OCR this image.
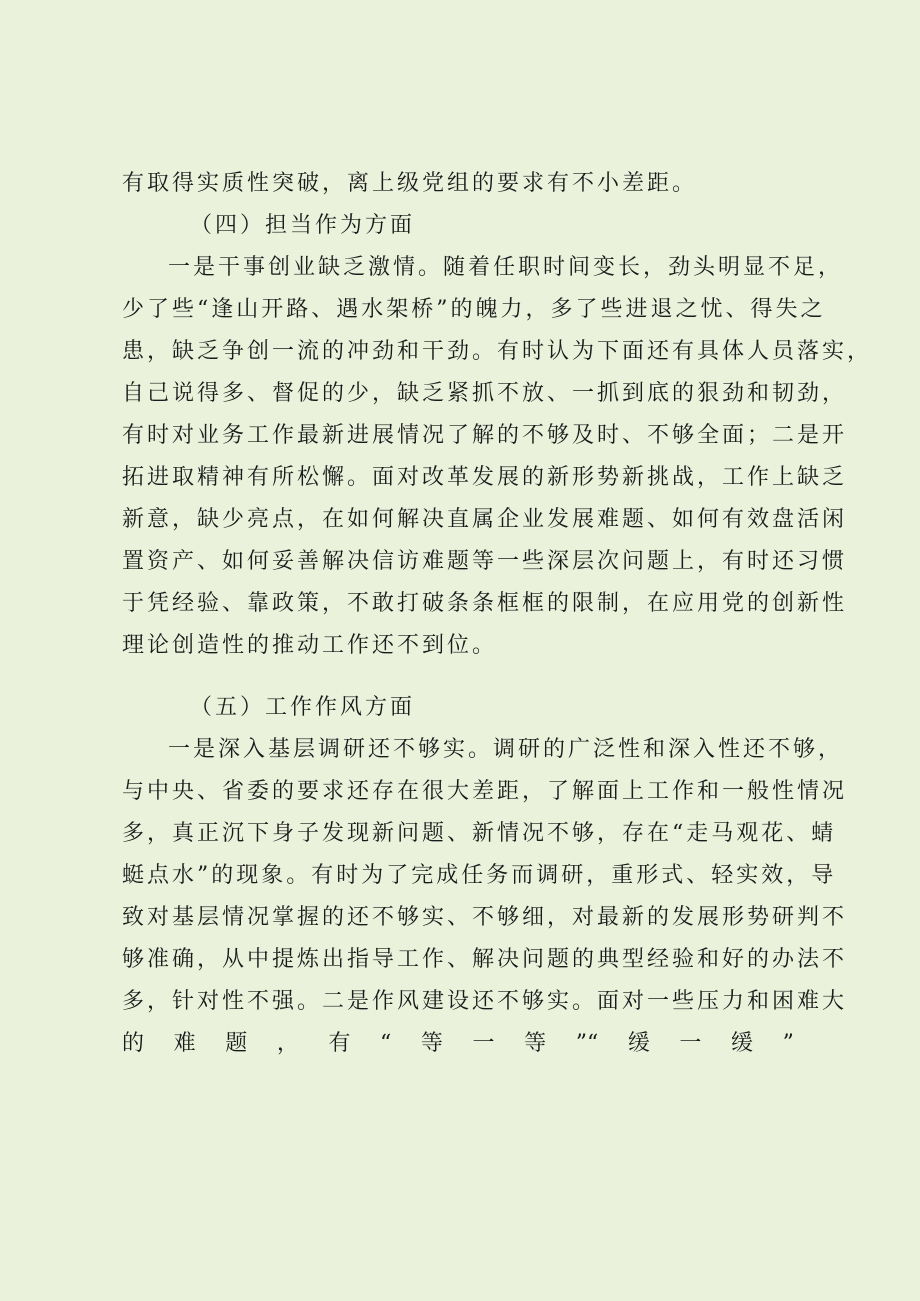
有取得实质性突破，离上级党组的要求有不小差距。
（四）担当作为方面
一是干事创业缺乏激情。随着任职时间变长，劲头明显不足，
少了些“逢山开路、遇水架桥”的魄力，多了些进退之忧、得失之
患，缺乏争创一流的冲劲和干劲。有时认为下面还有具体人员落实，
自己说得多、督促的少，缺乏紧抓不放、一抓到底的狠劲和韧劲，
有时对业务工作最新进展情况了解的不够及时、不够全面；二是开
拓进取精神有所松懈。面对改革发展的新形势新挑战，工作上缺乏
新意，缺少亮点，在如何解决直属企业发展难题、如何有效盘活闲
置资产、如何妥善解决信访难题等一些深层次问题上，有时还习惯
于凭经验、靠政策，不敢打破条条框框的限制，在应用党的创新性
理论创造性的推动工作还不到位。
（五）工作作风方面
一是深入基层调研还不够实。调研的广泛性和深入性还不够，
与中央、省委的要求还存在很大差距，了解面上工作和一般性情况
多，真正沉下身子发现新问题、新情况不够，存在“走马观花、蜻
蜓点水”的现象。有时为了完成任务而调研，重形式、轻实效，导
致对基层情况掌握的还不够实、不够细，对最新的发展形势研判不
够准确，从中提炼出指导工作、解决问题的典型经验和好的办法不
多，针对性不强。二是作风建设还不够实。面对一些压力和困难大
的 难 题 ， 有 “ 等 一 等 ”“ 缓 一 缓 ”
